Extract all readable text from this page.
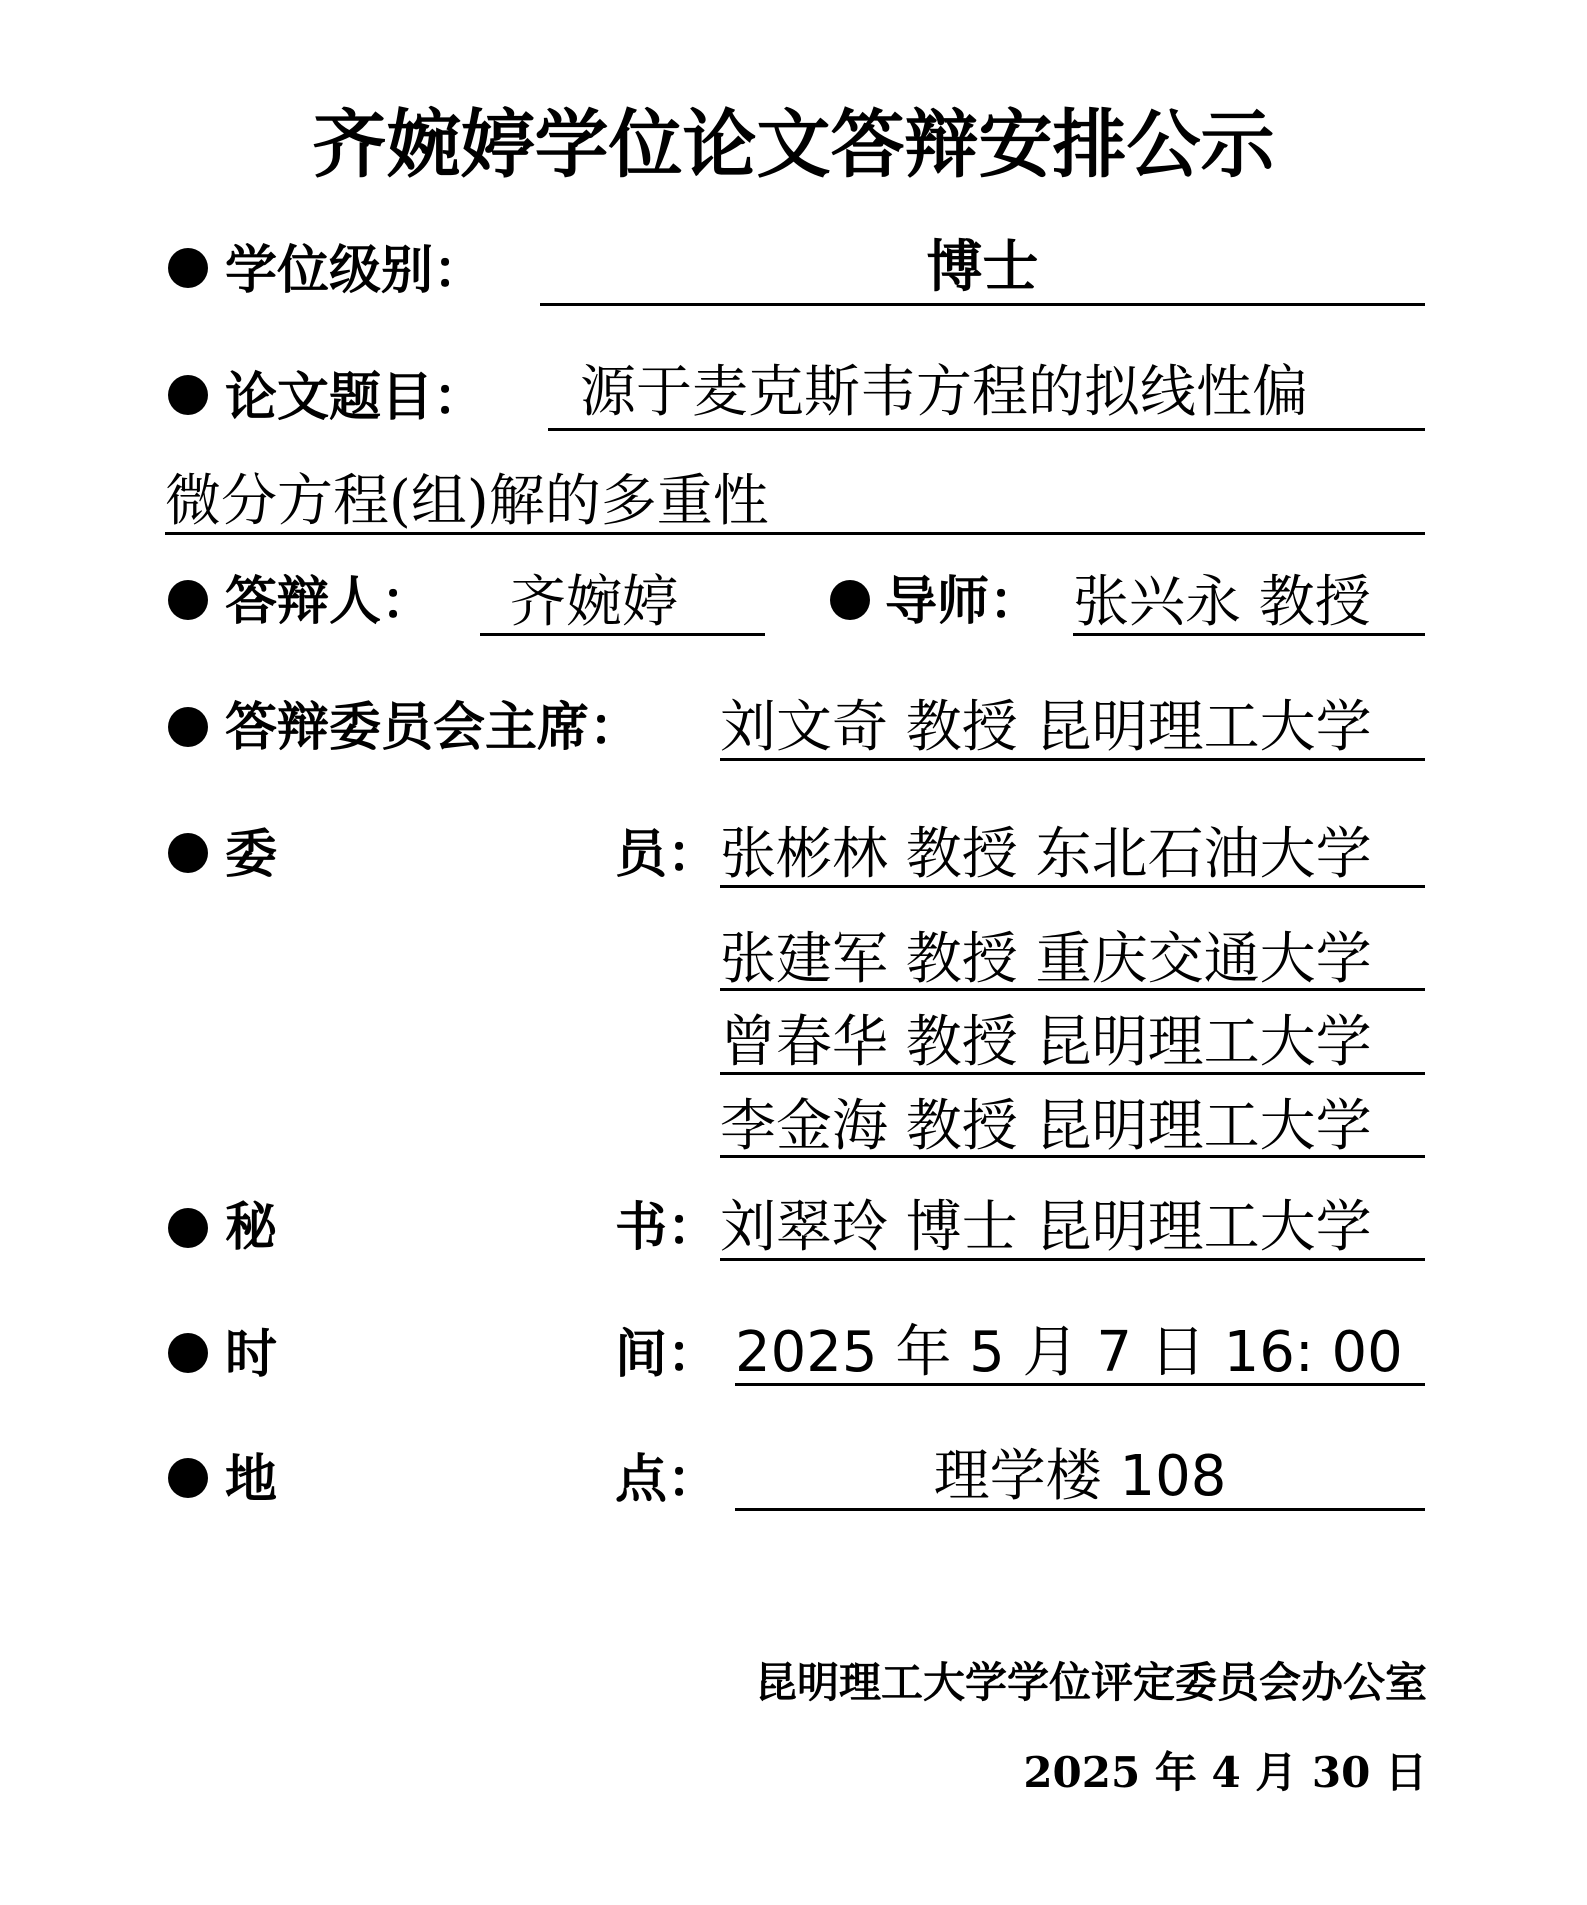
齐婉婷学位论文答辩安排公示
学位级别：	博士
论文题目： 源于麦克斯韦方程的拟线性偏
微分方程(组)解的多重性
答辩人： 齐婉婷	导师： 张兴永 教授
答辩委员会主席： 刘文奇 教授 昆明理工大学
委	员： 张彬林 教授 东北石油大学
张建军 教授 重庆交通大学
曾春华 教授 昆明理工大学
李金海 教授 昆明理工大学
秘	书： 刘翠玲 博士 昆明理工大学
时	间： 2025 年 5 月 7 日 16: 00
地	点：	理学楼 108
昆明理工大学学位评定委员会办公室
2025 年 4 月 30 日
